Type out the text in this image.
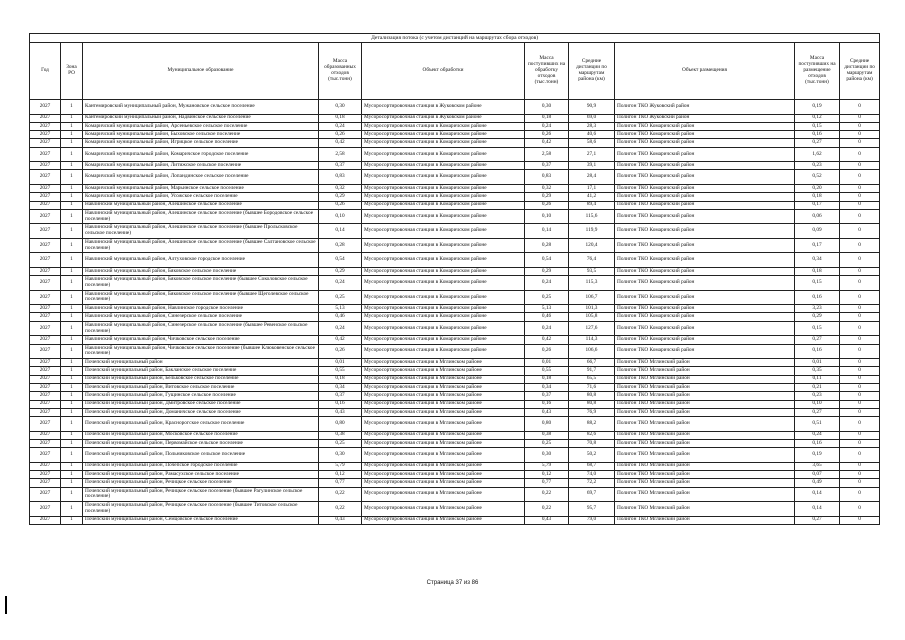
Детализация потока (с учетом дистанций на маршрутах сбора отходов)									
Год	Зона РО	Муниципальное образование	Масса образованных отходов (тыс.тонн)	Объект обработки	Масса поступивших на обработку отходов (тыс.тонн)	Средние дистанции по маршрутам района (км)	Объект размещения	Масса поступивших на размещение отходов (тыс.тонн)	Средние дистанции по маршрутам района (км)
2027	1	Кантемировский муниципальный район, Мужановское сельское поселение	0,30	Мусоросортировочная станция в Жуковском районе	0,30	90,9	Полигон ТКО Жуковский район	0,19	0
2027	1	Кантемировский муниципальный район, Надвинское сельское поселение	0,18	Мусоросортировочная станция в Жуковском районе	0,18	69,0	Полигон ТКО Жуковский район	0,12	0
2027	1	Комаричский муниципальный район, Арсеньевское сельское поселение	0,24	Мусоросортировочная станция в Комаричском районе	0,24	28,3	Полигон ТКО Комаричский район	0,15	0
2027	1	Комаричский муниципальный район, Быховское сельское поселение	0,26	Мусоросортировочная станция в Комаричском районе	0,26	40,6	Полигон ТКО Комаричский район	0,16	0
2027	1	Комаричский муниципальный район, Игрицкое сельское поселение	0,42	Мусоросортировочная станция в Комаричском районе	0,42	58,6	Полигон ТКО Комаричский район	0,27	0
2027	1	Комаричский муниципальный район, Комаричское городское поселение	2,58	Мусоросортировочная станция в Комаричском районе	2,58	27,1	Полигон ТКО Комаричский район	1,62	0
2027	1	Комаричский муниципальный район, Литижское сельское поселение	0,37	Мусоросортировочная станция в Комаричском районе	0,37	39,1	Полигон ТКО Комаричский район	0,23	0
2027	1	Комаричский муниципальный район, Лопандинское сельское поселение	0,83	Мусоросортировочная станция в Комаричском районе	0,83	28,4	Полигон ТКО Комаричский район	0,52	0
2027	1	Комаричский муниципальный район, Марьинское сельское поселение	0,32	Мусоросортировочная станция в Комаричском районе	0,32	17,1	Полигон ТКО Комаричский район	0,20	0
2027	1	Комаричский муниципальный район, Усожское сельское поселение	0,29	Мусоросортировочная станция в Комаричском районе	0,29	41,2	Полигон ТКО Комаричский район	0,18	0
2027	1	Навлинский муниципальный район, Алешинское сельское поселение	0,26	Мусоросортировочная станция в Комаричском районе	0,26	89,4	Полигон ТКО Комаричский район	0,17	0
2027	1	Навлинский муниципальный район, Алешинское сельское поселение (бывшее Бородовское сельское поселение)	0,10	Мусоросортировочная станция в Комаричском районе	0,10	115,6	Полигон ТКО Комаричский район	0,06	0
2027	1	Навлинский муниципальный район, Алешинское сельское поселение (бывшее Прольсковское сельское поселение)	0,14	Мусоросортировочная станция в Комаричском районе	0,14	119,9	Полигон ТКО Комаричский район	0,09	0
2027	1	Навлинский муниципальный район, Алешинское сельское поселение (бывшее Салтановское сельское поселение)	0,28	Мусоросортировочная станция в Комаричском районе	0,28	120,4	Полигон ТКО Комаричский район	0,17	0
2027	1	Навлинский муниципальный район, Алтуховское городское поселение	0,54	Мусоросортировочная станция в Комаричском районе	0,54	76,4	Полигон ТКО Комаричский район	0,34	0
2027	1	Навлинский муниципальный район, Бяковское сельское поселение	0,29	Мусоросортировочная станция в Комаричском районе	0,29	93,5	Полигон ТКО Комаричский район	0,18	0
2027	1	Навлинский муниципальный район, Бяковское сельское поселение (бывшее Соколовское сельское поселение)	0,24	Мусоросортировочная станция в Комаричском районе	0,24	115,3	Полигон ТКО Комаричский район	0,15	0
2027	1	Навлинский муниципальный район, Бяковское сельское поселение (бывшее Щеголевское сельское поселение)	0,25	Мусоросортировочная станция в Комаричском районе	0,25	106,7	Полигон ТКО Комаричский район	0,16	0
2027	1	Навлинский муниципальный район, Навлинское городское поселение	5,13	Мусоросортировочная станция в Комаричском районе	5,13	101,3	Полигон ТКО Комаричский район	3,23	0
2027	1	Навлинский муниципальный район, Синезерское сельское поселение	0,46	Мусоросортировочная станция в Комаричском районе	0,46	105,8	Полигон ТКО Комаричский район	0,29	0
2027	1	Навлинский муниципальный район, Синезерское сельское поселение (бывшее Ревенское сельское поселение)	0,24	Мусоросортировочная станция в Комаричском районе	0,24	127,6	Полигон ТКО Комаричский район	0,15	0
2027	1	Навлинский муниципальный район, Чичковское сельское поселение	0,42	Мусоросортировочная станция в Комаричском районе	0,42	114,3	Полигон ТКО Комаричский район	0,27	0
2027	1	Навлинский муниципальный район, Чичковское сельское поселение (бывшее Клюковенское сельское поселение)	0,26	Мусоросортировочная станция в Комаричском районе	0,26	106,6	Полигон ТКО Комаричский район	0,16	0
2027	1	Почепский муниципальный район	0,01	Мусоросортировочная станция в Мглинском районе	0,01	66,7	Полигон ТКО Мглинский район	0,01	0
2027	1	Почепский муниципальный район, Бакланское сельское поселение	0,55	Мусоросортировочная станция в Мглинском районе	0,55	91,7	Полигон ТКО Мглинский район	0,35	0
2027	1	Почепский муниципальный район, Бельковское сельское поселение	0,18	Мусоросортировочная станция в Мглинском районе	0,18	65,5	Полигон ТКО Мглинский район	0,11	0
2027	1	Почепский муниципальный район, Витовское сельское поселение	0,34	Мусоросортировочная станция в Мглинском районе	0,34	71,6	Полигон ТКО Мглинский район	0,21	0
2027	1	Почепский муниципальный район, Гущинское сельское поселение	0,37	Мусоросортировочная станция в Мглинском районе	0,37	80,8	Полигон ТКО Мглинский район	0,23	0
2027	1	Почепский муниципальный район, Дмитровское сельское поселение	0,16	Мусоросортировочная станция в Мглинском районе	0,16	80,8	Полигон ТКО Мглинский район	0,10	0
2027	1	Почепский муниципальный район, Доманичское сельское поселение	0,43	Мусоросортировочная станция в Мглинском районе	0,43	76,9	Полигон ТКО Мглинский район	0,27	0
2027	1	Почепский муниципальный район, Краснорогское сельское поселение	0,80	Мусоросортировочная станция в Мглинском районе	0,80	88,2	Полигон ТКО Мглинский район	0,51	0
2027	1	Почепский муниципальный район, Московское сельское поселение	0,38	Мусоросортировочная станция в Мглинском районе	0,38	82,6	Полигон ТКО Мглинский район	0,24	0
2027	1	Почепский муниципальный район, Первомайское сельское поселение	0,25	Мусоросортировочная станция в Мглинском районе	0,25	70,8	Полигон ТКО Мглинский район	0,16	0
2027	1	Почепский муниципальный район, Польниковское сельское поселение	0,30	Мусоросортировочная станция в Мглинском районе	0,30	50,2	Полигон ТКО Мглинский район	0,19	0
2027	1	Почепский муниципальный район, Почепское городское поселение	5,79	Мусоросортировочная станция в Мглинском районе	5,79	68,7	Полигон ТКО Мглинский район	3,65	0
2027	1	Почепский муниципальный район, Рамасухское сельское поселение	0,12	Мусоросортировочная станция в Мглинском районе	0,12	74,0	Полигон ТКО Мглинский район	0,07	0
2027	1	Почепский муниципальный район, Речицкое сельское поселение	0,77	Мусоросортировочная станция в Мглинском районе	0,77	72,2	Полигон ТКО Мглинский район	0,49	0
2027	1	Почепский муниципальный район, Речицкое сельское поселение (бывшее Рагулинское сельское поселение)	0,22	Мусоросортировочная станция в Мглинском районе	0,22	69,7	Полигон ТКО Мглинский район	0,14	0
2027	1	Почепский муниципальный район, Речицкое сельское поселение (бывшее Титовское сельское поселение)	0,22	Мусоросортировочная станция в Мглинском районе	0,22	95,7	Полигон ТКО Мглинский район	0,14	0
2027	1	Почепский муниципальный район, Семцовское сельское поселение	0,43	Мусоросортировочная станция в Мглинском районе	0,43	79,0	Полигон ТКО Мглинский район	0,27	0
Страница 37 из 86
